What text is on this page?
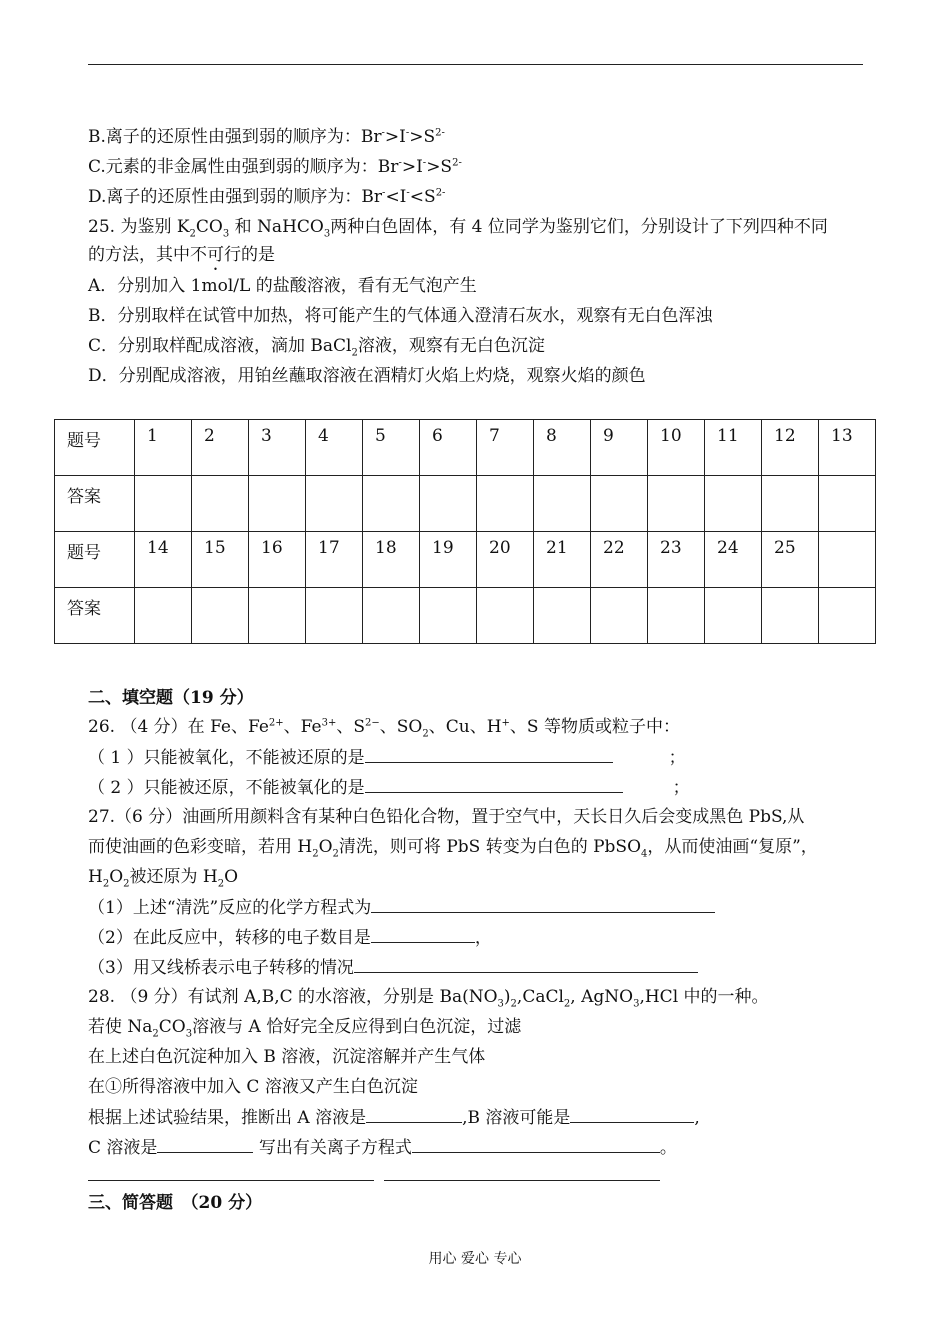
B.离子的还原性由强到弱的顺序为：$Br^->I^->S^{2-}$
C.元素的非金属性由强到弱的顺序为：$Br^->I^->S^{2-}$
D.离子的还原性由强到弱的顺序为：$Br^-<I^-<S^{2-}$
25. 为鉴别 $K_2CO_3$ 和 NaHCO$_3$两种白色固体，有 4 位同学为鉴别它们，分别设计了下列四种不同
的方法，其中不可行的是
A．分别加入 1mol/L 的盐酸溶液，看有无气泡产生
B．分别取样在试管中加热，将可能产生的气体通入澄清石灰水，观察有无白色浑浊
C．分别取样配成溶液，滴加 BaCl$_2$溶液，观察有无白色沉淀
D．分别配成溶液，用铂丝蘸取溶液在酒精灯火焰上灼烧，观察火焰的颜色
题号	1	2	3	4	5	6	7	8	9	10	11	12	13
答案													
题号	14	15	16	17	18	19	20	21	22	23	24	25	
答案													
二、填空题（19 分）
26. （4 分）在 Fe、$Fe^{2+}$、$Fe^{3+}$、$S^{2-}$、$SO_2$、Cu、H+、S 等物质或粒子中：
（ 1 ）只能被氧化，不能被还原的是	；
（ 2 ）只能被还原，不能被氧化的是	；
27.（6 分）油画所用颜料含有某种白色铅化合物，置于空气中，天长日久后会变成黑色 PbS,从
而使油画的色彩变暗，若用 $H_2O_2$清洗，则可将 PbS 转变为白色的 PbSO$_4$，从而使油画“复原”，
$H_2O_2$被还原为 $H_2O$
（1）上述“清洗”反应的化学方程式为
（2）在此反应中，转移的电子数目是	，
（3）用又线桥表示电子转移的情况
28. （9 分）有试剂 A,B,C 的水溶液，分别是 $Ba(NO_3)_2,CaCl_2$, AgNO$_3$,HCl 中的一种。
若使 $Na_2CO_3$溶液与 A 恰好完全反应得到白色沉淀，过滤
在上述白色沉淀种加入 B 溶液，沉淀溶解并产生气体
在①所得溶液中加入 C 溶液又产生白色沉淀
根据上述试验结果，推断出 A 溶液是	,B 溶液可能是	,
C 溶液是	写出有关离子方程式	。
三、简答题　（20 分）
用心 爱心 专心
